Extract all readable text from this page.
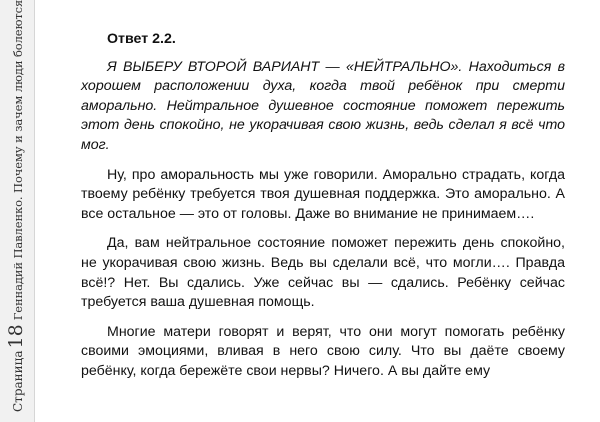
Страница
18
Геннадий Павленко. Почему и зачем люди болеются	Ответ 2.2.

Я ВЫБЕРУ ВТОРОЙ ВАРИАНТ — «НЕЙТРАЛЬНО». Находиться в хорошем расположении духа, когда твой ребёнок при смерти аморально. Нейтральное душевное состояние поможет пережить этот день спокойно, не укорачивая свою жизнь, ведь сделал я всё что мог.

Ну, про аморальность мы уже говорили. Аморально страдать, когда твоему ребёнку требуется твоя душевная поддержка. Это аморально. А все остальное — это от головы. Даже во внимание не принимаем….

Да, вам нейтральное состояние поможет пережить день спокойно, не укорачивая свою жизнь. Ведь вы сделали всё, что могли…. Правда всё!? Нет. Вы сдались. Уже сейчас вы — сдались. Ребёнку сейчас требуется ваша душевная помощь.

Многие матери говорят и верят, что они могут помогать ребёнку своими эмоциями, вливая в него свою силу. Что вы даёте своему ребёнку, когда бережёте свои нервы? Ничего. А вы дайте ему
